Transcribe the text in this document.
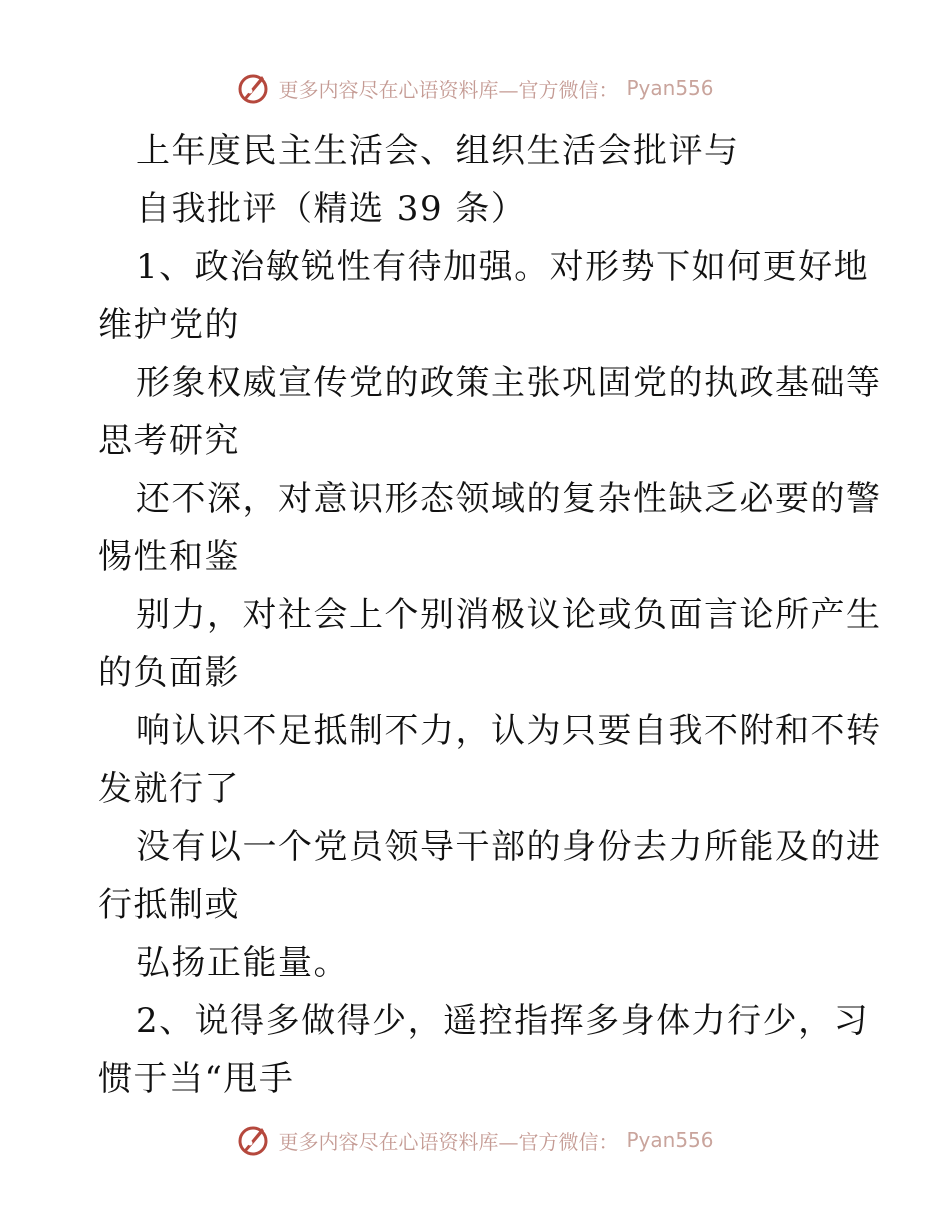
更多内容尽在心语资料库—官方微信： Pyan556
上年度民主生活会、组织生活会批评与
自我批评（精选 39 条）
1、政治敏锐性有待加强。对形势下如何更好地
维护党的
形象权威宣传党的政策主张巩固党的执政基础等
思考研究
还不深，对意识形态领域的复杂性缺乏必要的警
惕性和鉴
别力，对社会上个别消极议论或负面言论所产生
的负面影
响认识不足抵制不力，认为只要自我不附和不转
发就行了
没有以一个党员领导干部的身份去力所能及的进
行抵制或
弘扬正能量。
2、说得多做得少，遥控指挥多身体力行少，习
惯于当“甩手
更多内容尽在心语资料库—官方微信： Pyan556
